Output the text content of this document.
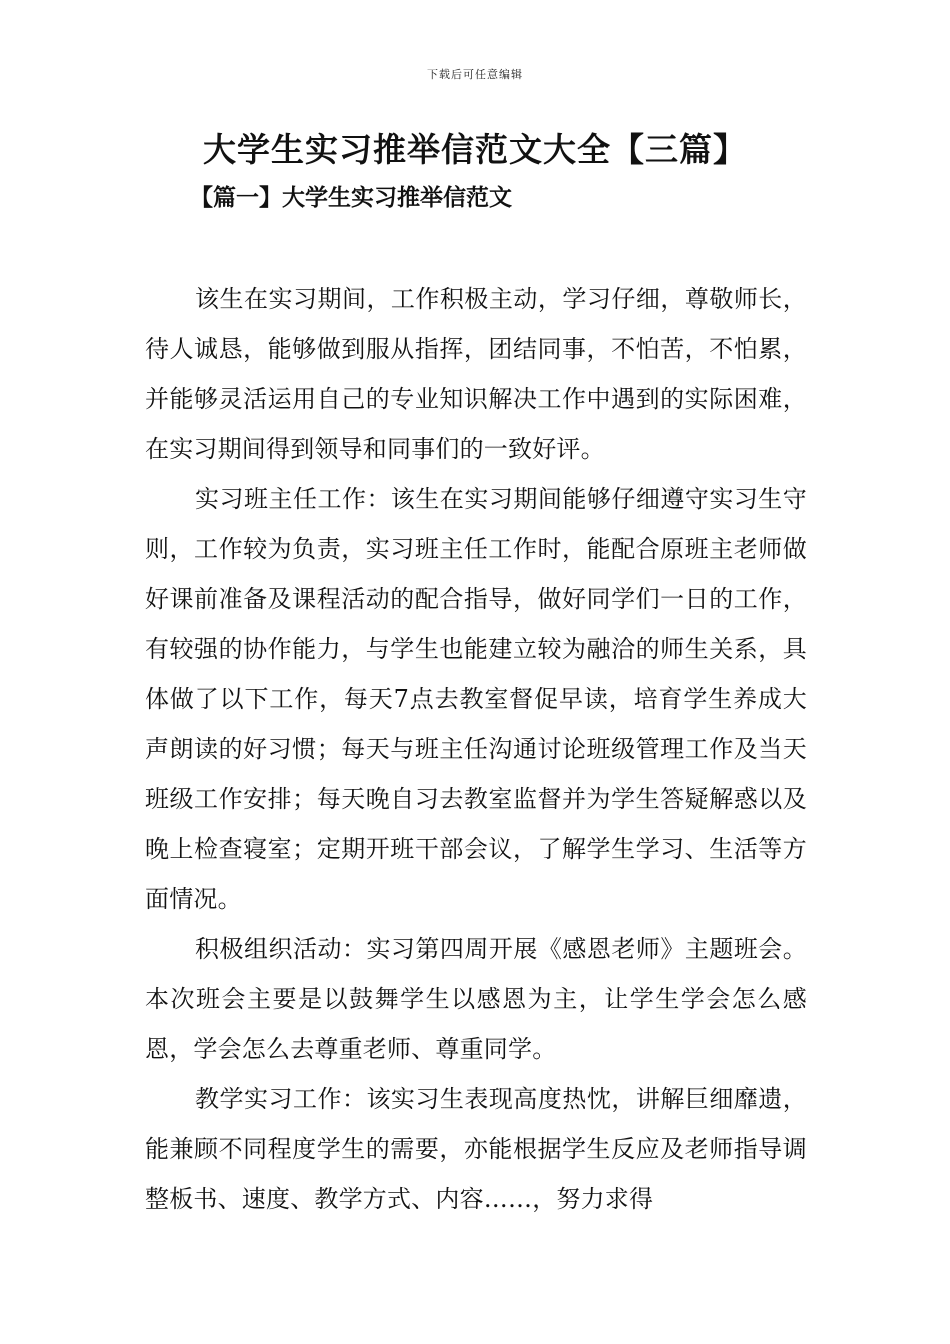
下载后可任意编辑
大学生实习推举信范文大全【三篇】
【篇一】大学生实习推举信范文

该生在实习期间，工作积极主动，学习仔细，尊敬师长，待人诚恳，能够做到服从指挥，团结同事，不怕苦，不怕累，并能够灵活运用自己的专业知识解决工作中遇到的实际困难，在实习期间得到领导和同事们的一致好评。

实习班主任工作：该生在实习期间能够仔细遵守实习生守则，工作较为负责，实习班主任工作时，能配合原班主老师做好课前准备及课程活动的配合指导，做好同学们一日的工作，有较强的协作能力，与学生也能建立较为融洽的师生关系，具体做了以下工作，每天7点去教室督促早读，培育学生养成大声朗读的好习惯；每天与班主任沟通讨论班级管理工作及当天班级工作安排；每天晚自习去教室监督并为学生答疑解惑以及晚上检查寝室；定期开班干部会议，了解学生学习、生活等方面情况。

积极组织活动：实习第四周开展《感恩老师》主题班会。本次班会主要是以鼓舞学生以感恩为主，让学生学会怎么感恩，学会怎么去尊重老师、尊重同学。

教学实习工作：该实习生表现高度热忱，讲解巨细靡遗，能兼顾不同程度学生的需要，亦能根据学生反应及老师指导调整板书、速度、教学方式、内容……，努力求得
